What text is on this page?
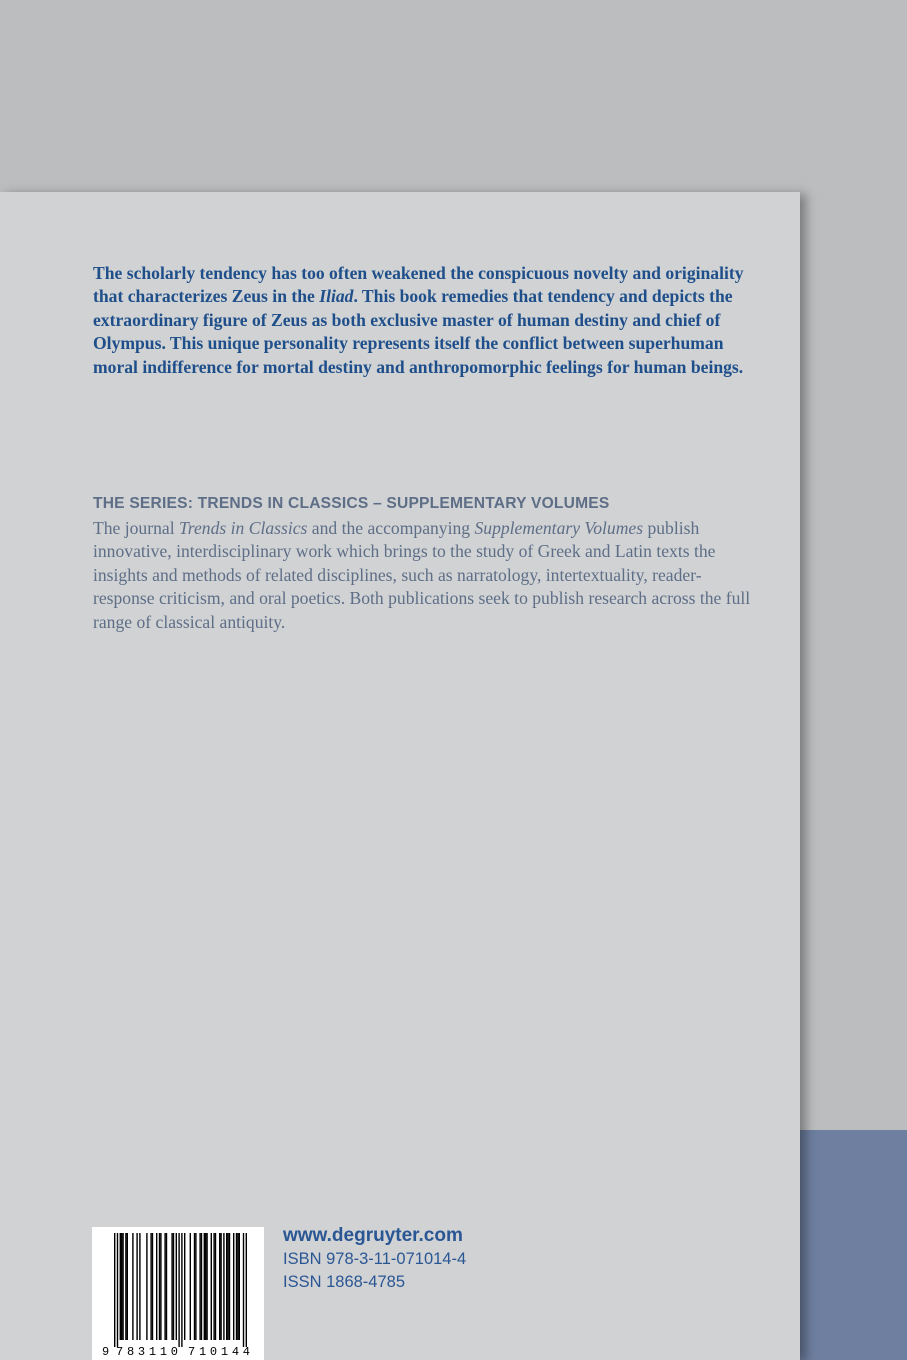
The scholarly tendency has too often weakened the conspicuous novelty and originality that characterizes Zeus in the Iliad. This book remedies that tendency and depicts the extraordinary figure of Zeus as both exclusive master of human destiny and chief of Olympus. This unique personality represents itself the conflict between superhuman moral indifference for mortal destiny and anthropomorphic feelings for human beings.
THE SERIES: TRENDS IN CLASSICS – SUPPLEMENTARY VOLUMES
The journal Trends in Classics and the accompanying Supplementary Volumes publish innovative, interdisciplinary work which brings to the study of Greek and Latin texts the insights and methods of related disciplines, such as narratology, intertextuality, reader-response criticism, and oral poetics. Both publications seek to publish research across the full range of classical antiquity.
9 783110 710144
www.degruyter.com
ISBN 978-3-11-071014-4
ISSN 1868-4785
